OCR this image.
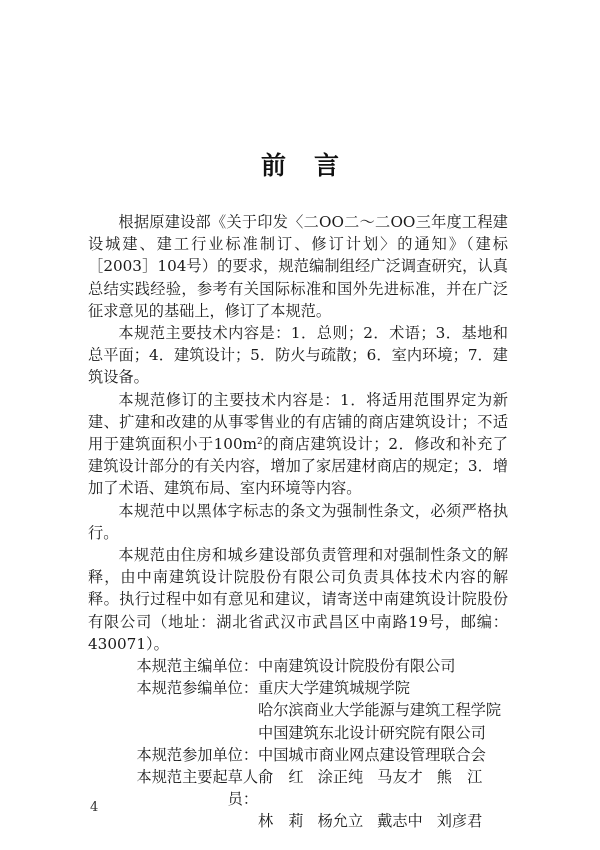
前言

根据原建设部《关于印发〈二OO二～二OO三年度工程建设城建、建工行业标准制订、修订计划〉的通知》（建标［2003］104号）的要求，规范编制组经广泛调查研究，认真总结实践经验，参考有关国际标准和国外先进标准，并在广泛征求意见的基础上，修订了本规范。

本规范主要技术内容是：1．总则；2．术语；3．基地和总平面；4．建筑设计；5．防火与疏散；6．室内环境；7．建筑设备。

本规范修订的主要技术内容是：1．将适用范围界定为新建、扩建和改建的从事零售业的有店铺的商店建筑设计；不适用于建筑面积小于$100m^2$的商店建筑设计；2．修改和补充了建筑设计部分的有关内容，增加了家居建材商店的规定；3．增加了术语、建筑布局、室内环境等内容。

本规范中以黑体字标志的条文为强制性条文，必须严格执行。

本规范由住房和城乡建设部负责管理和对强制性条文的解释，由中南建筑设计院股份有限公司负责具体技术内容的解释。执行过程中如有意见和建议，请寄送中南建筑设计院股份有限公司（地址：湖北省武汉市武昌区中南路19号，邮编：430071）。

本规范主编单位： 中南建筑设计院股份有限公司
本规范参编单位： 重庆大学建筑城规学院

哈尔滨商业大学能源与建筑工程学院

中国建筑东北设计研究院有限公司

本规范参加单位： 中国城市商业网点建设管理联合会
本规范主要起草人员：
俞　红 涂正纯 马友才 熊　江
林　莉 杨允立 戴志中 刘彦君
4
